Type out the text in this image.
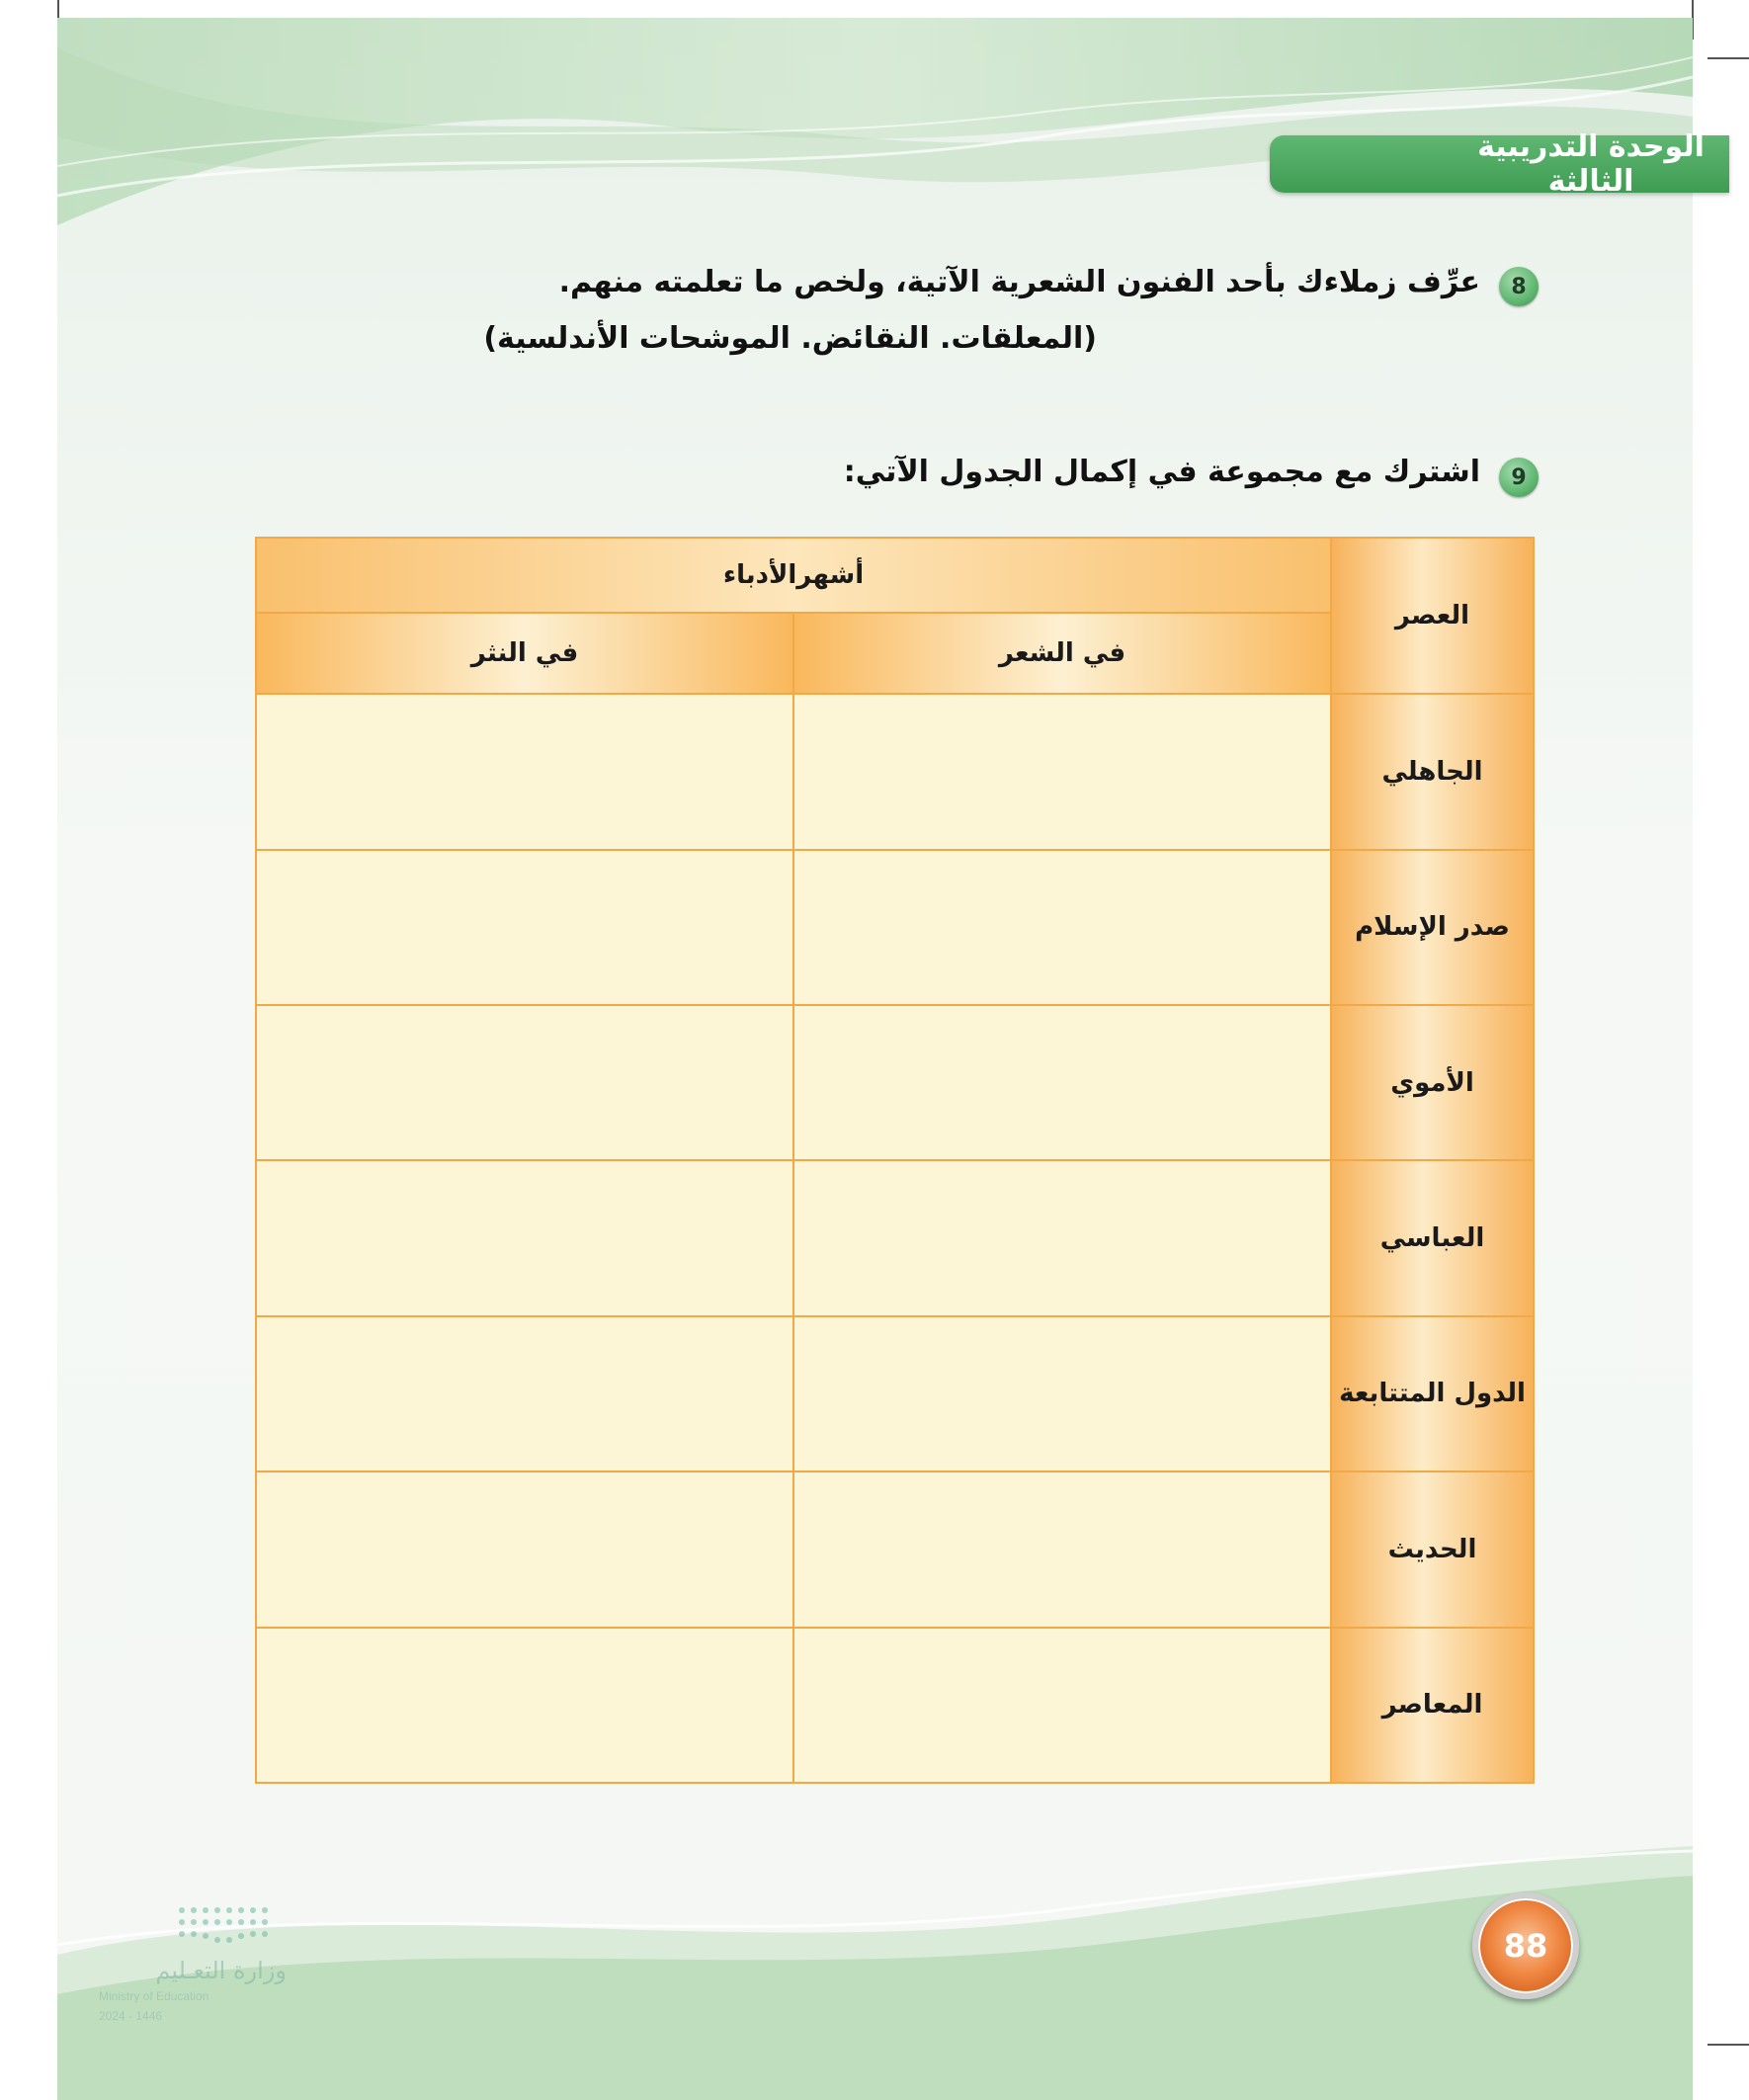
الوحدة التدريبية الثالثة
8
عرِّف زملاءك بأحد الفنون الشعرية الآتية، ولخص ما تعلمته منهم.
(المعلقات. النقائض. الموشحات الأندلسية)
9
اشترك مع مجموعة في إكمال الجدول الآتي:
العصر	أشهرالأدباء	
	في الشعر	في النثر
الجاهلي		
صدر الإسلام		
الأموي		
العباسي		
الدول المتتابعة		
الحديث		
المعاصر		
88
وزارة التعـليم
Ministry of Education
2024 - 1446
